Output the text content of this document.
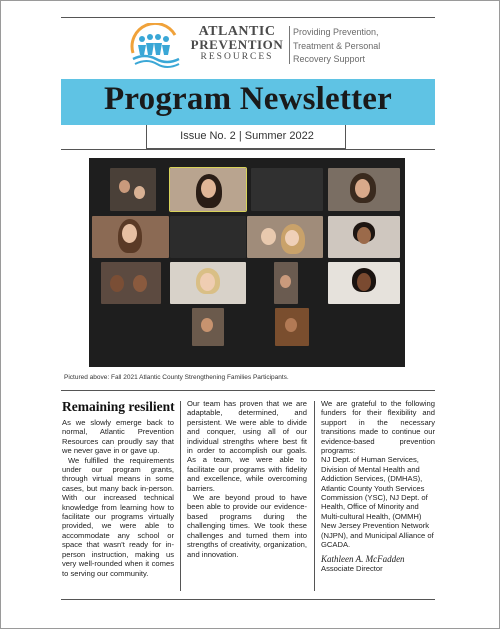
ATLANTIC
PREVENTION
RESOURCES
Providing Prevention,
Treatment & Personal
Recovery Support
Program Newsletter
Issue No. 2 | Summer 2022
Pictured above: Fall 2021 Atlantic County Strengthening Families Participants.
Remaining resilient
As we slowly emerge back to normal, Atlantic Prevention Resources can proudly say that we never gave in or gave up.
We fulfilled the requirements under our program grants, through virtual means in some cases, but many back in-person. With our increased technical knowledge from learning how to facilitate our programs virtually provided, we were able to accommodate any school or space that wasn't ready for in-person instruction, making us very well-rounded when it comes to serving our community.
Our team has proven that we are adaptable, determined, and persistent. We were able to divide and conquer, using all of our individual strengths where best fit in order to accomplish our goals. As a team, we were able to facilitate our programs with fidelity and excellence, while overcoming barriers.
We are beyond proud to have been able to provide our evidence-based programs during the challenging times. We took these challenges and turned them into strengths of creativity, organization, and innovation.
We are grateful to the following funders for their flexibility and support in the necessary transitions made to continue our evidence-based prevention programs:
NJ Dept. of Human Services, Division of Mental Health and Addiction Services, (DMHAS), Atlantic County Youth Services Commission (YSC), NJ Dept. of Health, Office of Minority and Multi-cultural Health, (OMMH) New Jersey Prevention Network (NJPN), and Municipal Alliance of GCADA.
Kathleen A. McFadden
Associate Director
